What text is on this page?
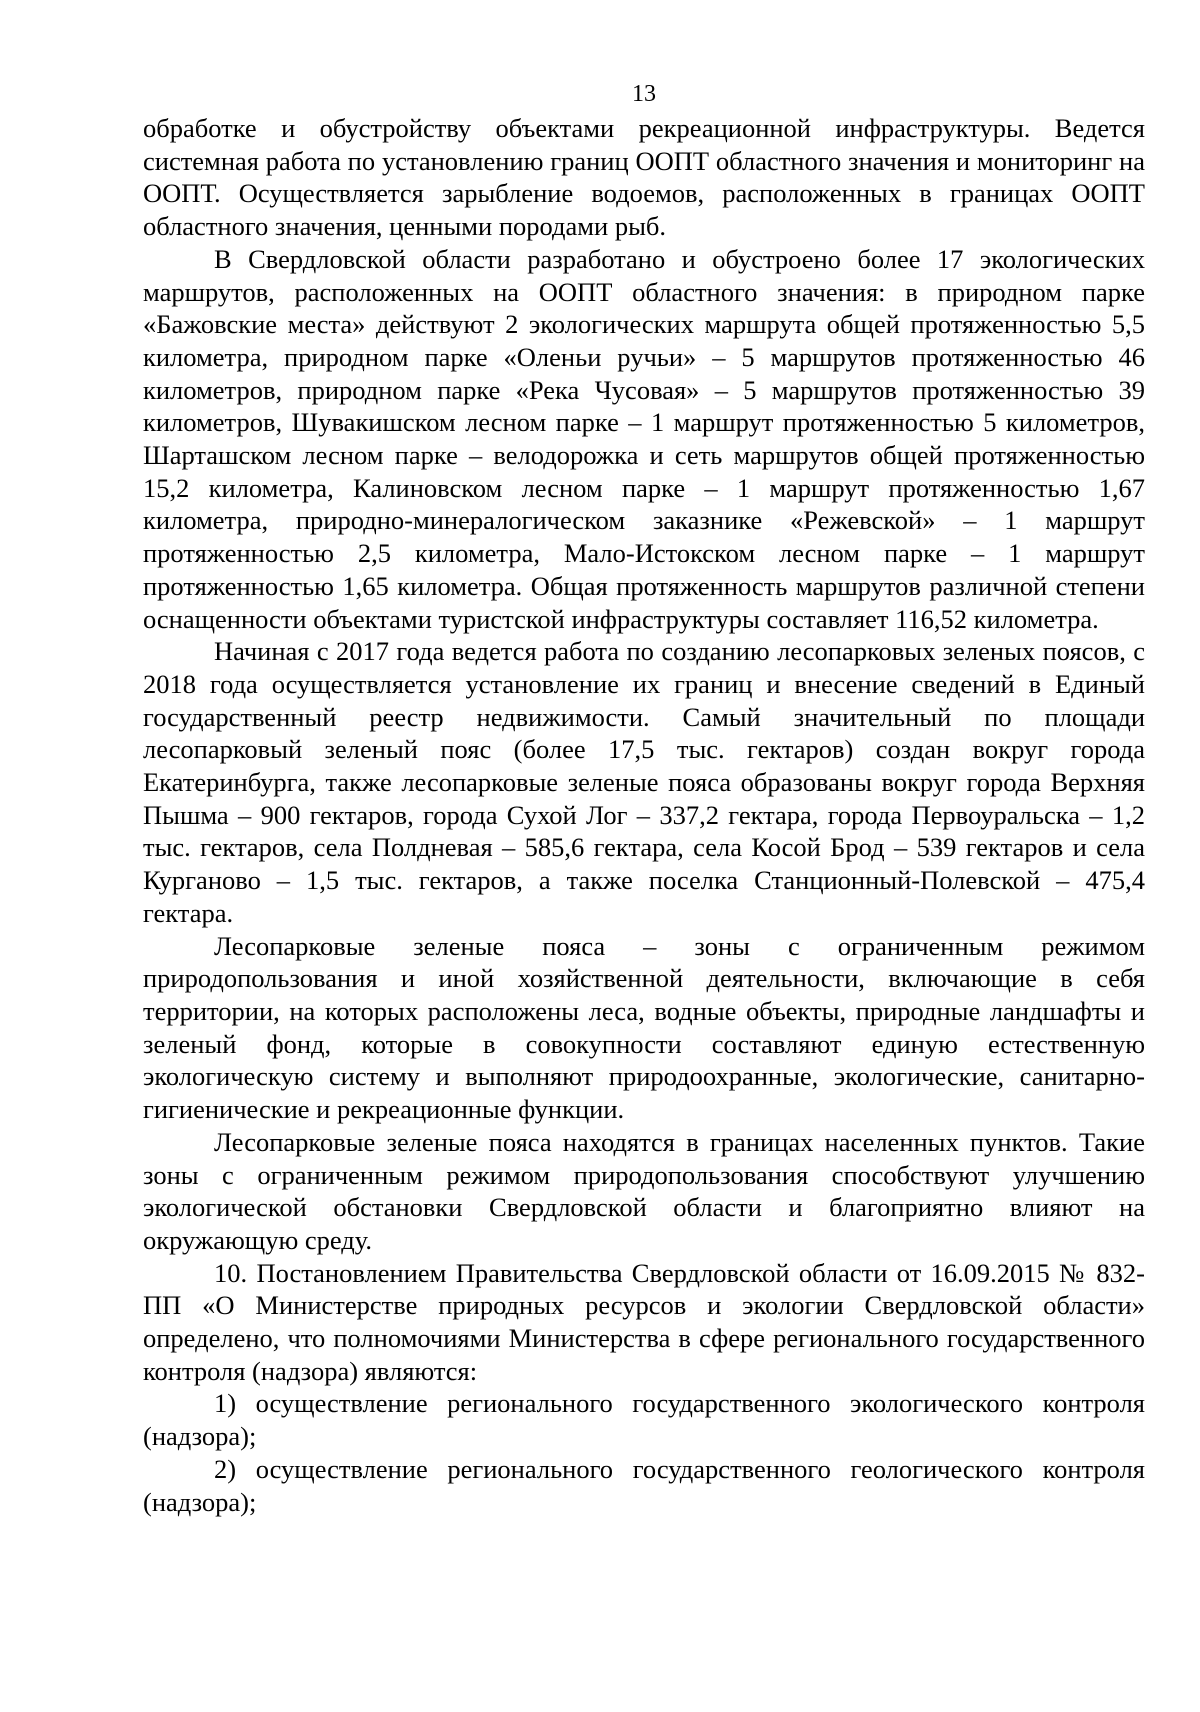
13

обработке и обустройству объектами рекреационной инфраструктуры. Ведется системная работа по установлению границ ООПТ областного значения и мониторинг на ООПТ. Осуществляется зарыбление водоемов, расположенных в границах ООПТ областного значения, ценными породами рыб.

В Свердловской области разработано и обустроено более 17 экологических маршрутов, расположенных на ООПТ областного значения: в природном парке «Бажовские места» действуют 2 экологических маршрута общей протяженностью 5,5 километра, природном парке «Оленьи ручьи» – 5 маршрутов протяженностью 46 километров, природном парке «Река Чусовая» – 5 маршрутов протяженностью 39 километров, Шувакишском лесном парке – 1 маршрут протяженностью 5 километров, Шарташском лесном парке – велодорожка и сеть маршрутов общей протяженностью 15,2 километра, Калиновском лесном парке – 1 маршрут протяженностью 1,67 километра, природно-минералогическом заказнике «Режевской» – 1 маршрут протяженностью 2,5 километра, Мало-Истокском лесном парке – 1 маршрут протяженностью 1,65 километра. Общая протяженность маршрутов различной степени оснащенности объектами туристской инфраструктуры составляет 116,52 километра.

Начиная с 2017 года ведется работа по созданию лесопарковых зеленых поясов, с 2018 года осуществляется установление их границ и внесение сведений в Единый государственный реестр недвижимости. Самый значительный по площади лесопарковый зеленый пояс (более 17,5 тыс. гектаров) создан вокруг города Екатеринбурга, также лесопарковые зеленые пояса образованы вокруг города Верхняя Пышма – 900 гектаров, города Сухой Лог – 337,2 гектара, города Первоуральска – 1,2 тыс. гектаров, села Полдневая – 585,6 гектара, села Косой Брод – 539 гектаров и села Курганово – 1,5 тыс. гектаров, а также поселка Станционный-Полевской – 475,4 гектара.

Лесопарковые зеленые пояса – зоны с ограниченным режимом природопользования и иной хозяйственной деятельности, включающие в себя территории, на которых расположены леса, водные объекты, природные ландшафты и зеленый фонд, которые в совокупности составляют единую естественную экологическую систему и выполняют природоохранные, экологические, санитарно-гигиенические и рекреационные функции.

Лесопарковые зеленые пояса находятся в границах населенных пунктов. Такие зоны с ограниченным режимом природопользования способствуют улучшению экологической обстановки Свердловской области и благоприятно влияют на окружающую среду.

10. Постановлением Правительства Свердловской области от 16.09.2015 № 832-ПП «О Министерстве природных ресурсов и экологии Свердловской области» определено, что полномочиями Министерства в сфере регионального государственного контроля (надзора) являются:

1) осуществление регионального государственного экологического контроля (надзора);

2) осуществление регионального государственного геологического контроля (надзора);
